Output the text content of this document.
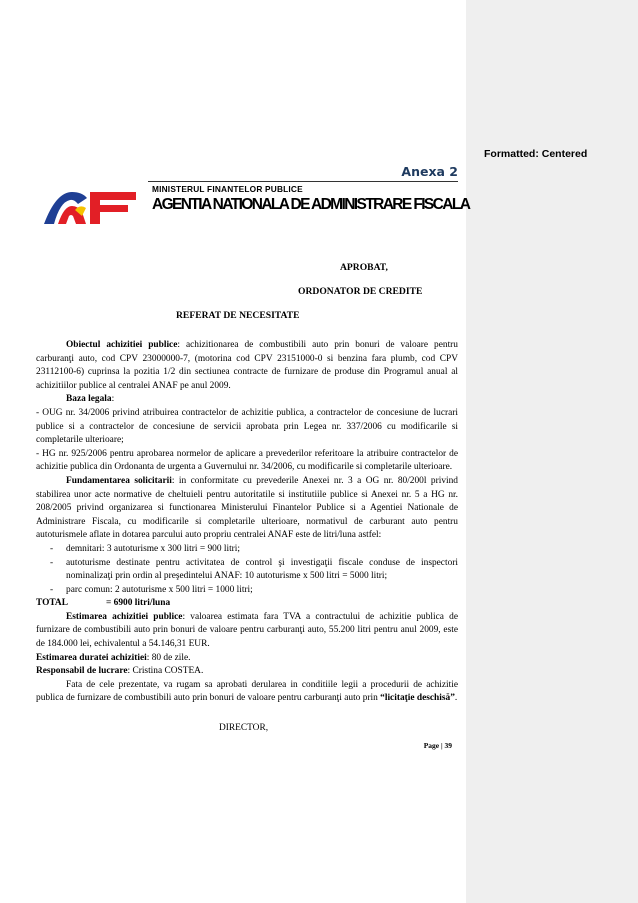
Formatted: Centered
Anexa 2
MINISTERUL FINANTELOR PUBLICE
AGENTIA NATIONALA DE ADMINISTRARE FISCALA
APROBAT,
ORDONATOR DE CREDITE
REFERAT DE NECESITATE

Obiectul achizitiei publice: achizitionarea de combustibili auto prin bonuri de valoare pentru carburanţi auto, cod CPV 23000000-7, (motorina cod CPV 23151000-0 si benzina fara plumb, cod CPV 23112100-6) cuprinsa la pozitia 1/2 din sectiunea contracte de furnizare de produse din Programul anual al achizitiilor publice al centralei ANAF pe anul 2009.

Baza legala:

- OUG nr. 34/2006 privind atribuirea contractelor de achizitie publica, a contractelor de concesiune de lucrari publice si a contractelor de concesiune de servicii aprobata prin Legea nr. 337/2006 cu modificarile si completarile ulterioare;

- HG nr. 925/2006 pentru aprobarea normelor de aplicare a prevederilor referitoare la atribuire contractelor de achizitie publica din Ordonanta de urgenta a Guvernului nr. 34/2006, cu modificarile si completarile ulterioare.

Fundamentarea solicitarii: in conformitate cu prevederile Anexei nr. 3 a OG nr. 80/200l privind stabilirea unor acte normative de cheltuieli pentru autoritatile si institutiile publice si Anexei nr. 5 a HG nr. 208/2005 privind organizarea si functionarea Ministerului Finantelor Publice si a Agentiei Nationale de Administrare Fiscala, cu modificarile si completarile ulterioare, normativul de carburant auto pentru autoturismele aflate in dotarea parcului auto propriu centralei ANAF este de litri/luna astfel:

-	demnitari: 3 autoturisme x 300 litri = 900 litri;
-	autoturisme destinate pentru activitatea de control şi investigaţii fiscale conduse de inspectori nominalizaţi prin ordin al preşedintelui ANAF: 10 autoturisme x 500 litri = 5000 litri;
-	parc comun: 2 autoturisme x 500 litri = 1000 litri;

TOTAL	= 6900 litri/luna

Estimarea achizitiei publice: valoarea estimata fara TVA a contractului de achizitie publica de furnizare de combustibili auto prin bonuri de valoare pentru carburanţi auto, 55.200 litri pentru anul 2009, este de 184.000 lei, echivalentul a 54.146,31 EUR.

Estimarea duratei achizitiei: 80 de zile.

Responsabil de lucrare: Cristina COSTEA.

Fata de cele prezentate, va rugam sa aprobati derularea in conditiile legii a procedurii de achizitie publica de furnizare de combustibili auto prin bonuri de valoare pentru carburanţi auto prin “licitaţie deschisă”.

DIRECTOR,
Page | 39
